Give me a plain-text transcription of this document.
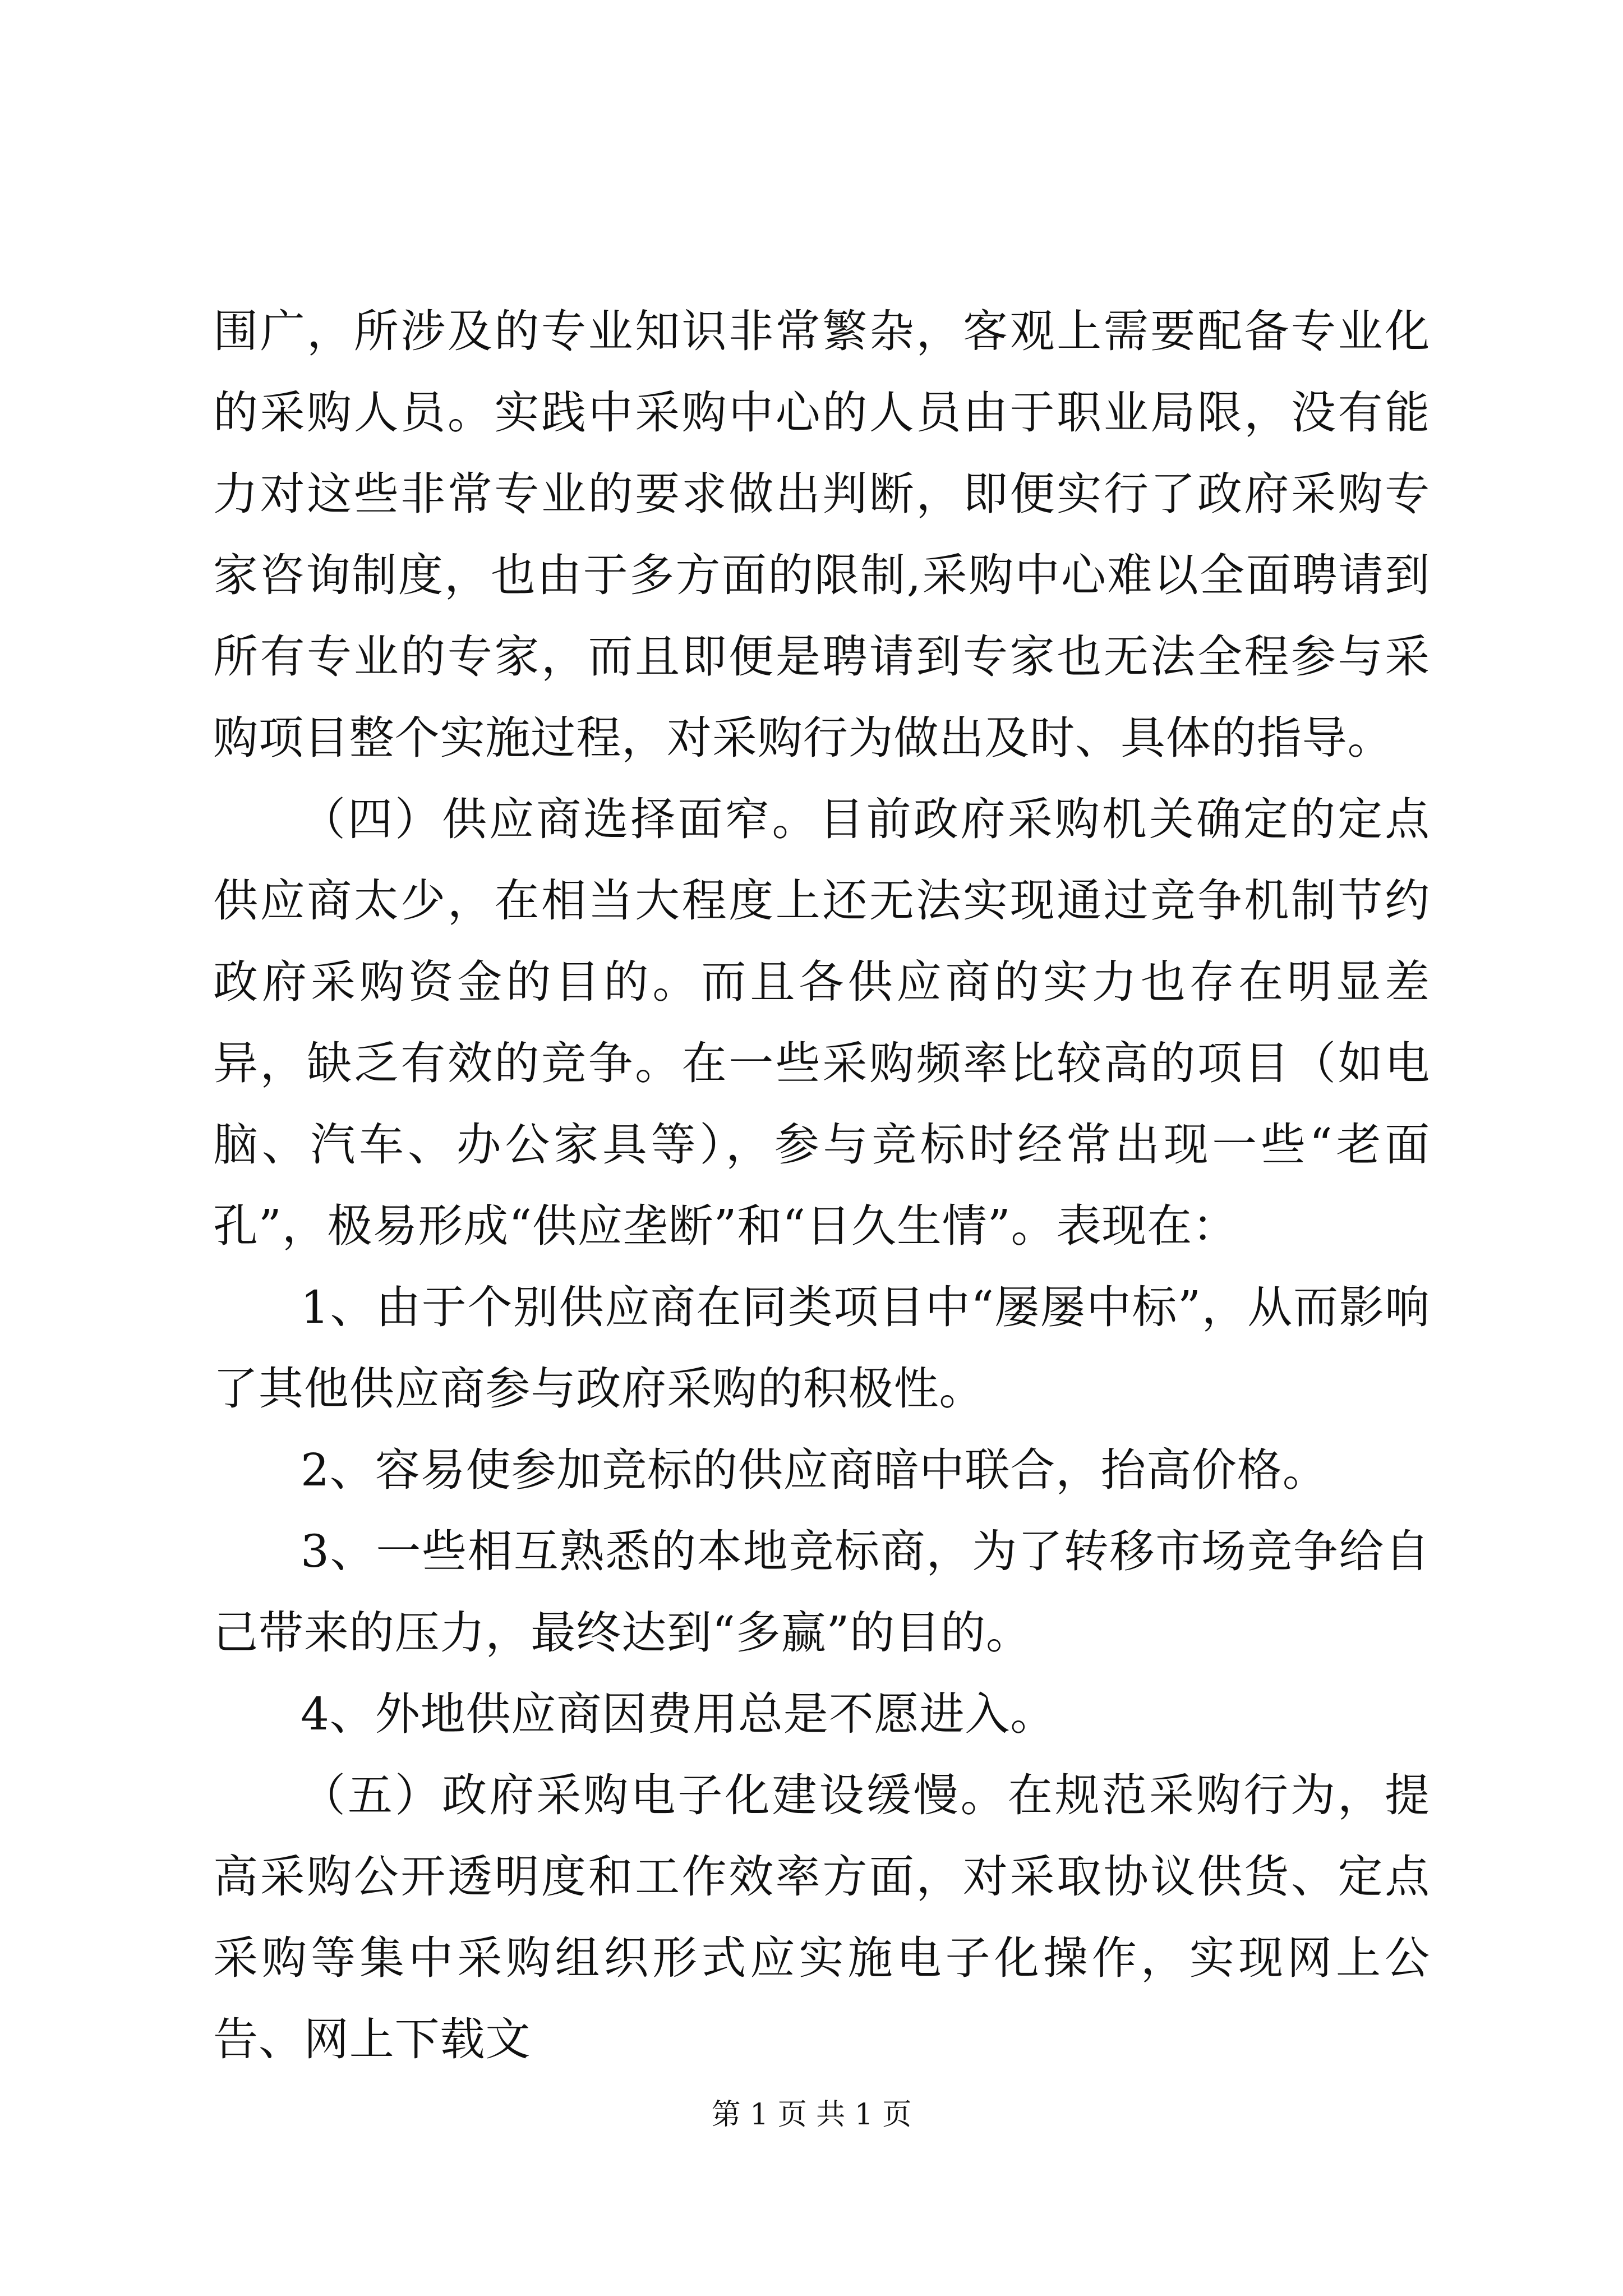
围广，所涉及的专业知识非常繁杂，客观上需要配备专业化的采购人员。实践中采购中心的人员由于职业局限，没有能力对这些非常专业的要求做出判断，即便实行了政府采购专家咨询制度，也由于多方面的限制,采购中心难以全面聘请到所有专业的专家，而且即便是聘请到专家也无法全程参与采购项目整个实施过程，对采购行为做出及时、具体的指导。

（四）供应商选择面窄。目前政府采购机关确定的定点供应商太少，在相当大程度上还无法实现通过竞争机制节约政府采购资金的目的。而且各供应商的实力也存在明显差异，缺乏有效的竞争。在一些采购频率比较高的项目（如电脑、汽车、办公家具等），参与竞标时经常出现一些“老面孔”，极易形成“供应垄断”和“日久生情”。表现在：

1、由于个别供应商在同类项目中“屡屡中标”，从而影响了其他供应商参与政府采购的积极性。

2、容易使参加竞标的供应商暗中联合，抬高价格。

3、一些相互熟悉的本地竞标商，为了转移市场竞争给自己带来的压力，最终达到“多赢”的目的。

4、外地供应商因费用总是不愿进入。

（五）政府采购电子化建设缓慢。在规范采购行为，提高采购公开透明度和工作效率方面，对采取协议供货、定点采购等集中采购组织形式应实施电子化操作，实现网上公告、网上下载文

第 1 页 共 1 页
